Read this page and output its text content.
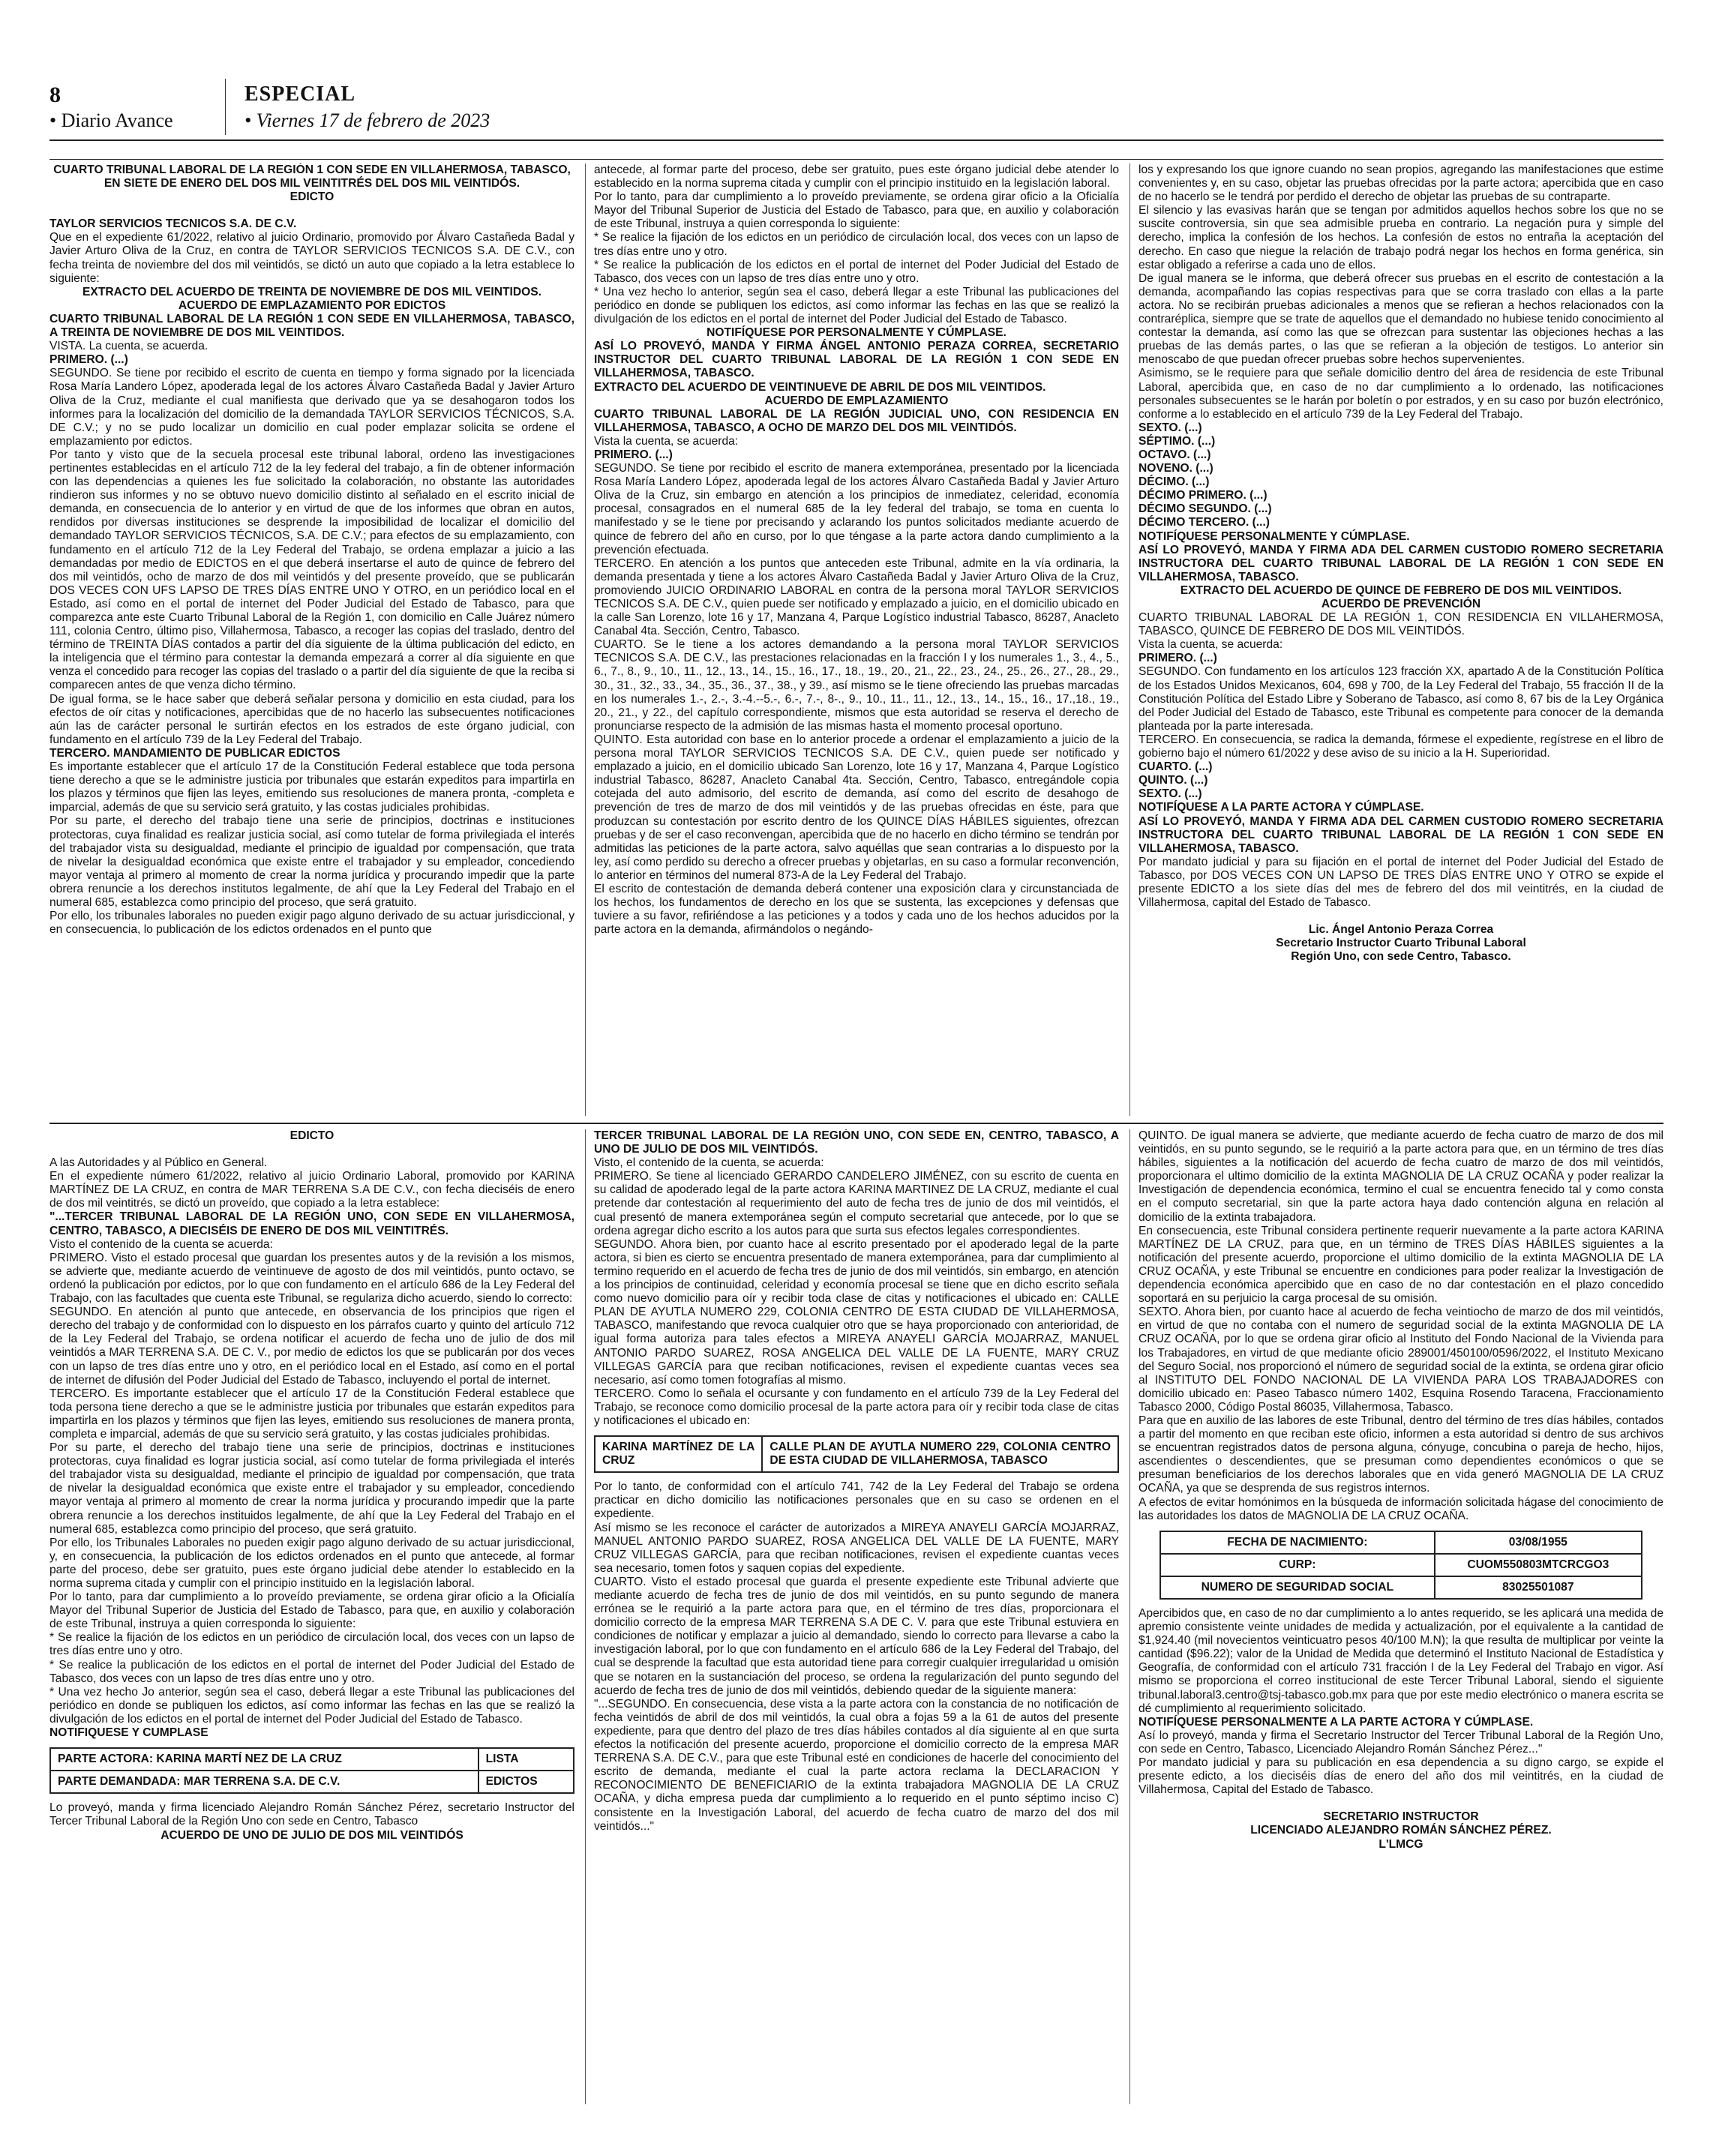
8
• Diario Avance
ESPECIAL
• Viernes 17 de febrero de 2023

CUARTO TRIBUNAL LABORAL DE LA REGIÓN 1 CON SEDE EN VILLAHERMOSA, TABASCO, EN SIETE DE ENERO DEL DOS MIL VEINTITRÉS DEL DOS MIL VEINTIDÓS.

EDICTO

TAYLOR SERVICIOS TECNICOS S.A. DE C.V.

Que en el expediente 61/2022, relativo al juicio Ordinario, promovido por Álvaro Castañeda Badal y Javier Arturo Oliva de la Cruz, en contra de TAYLOR SERVICIOS TECNICOS S.A. DE C.V., con fecha treinta de noviembre del dos mil veintidós, se dictó un auto que copiado a la letra establece lo siguiente:

EXTRACTO DEL ACUERDO DE TREINTA DE NOVIEMBRE DE DOS MIL VEINTIDOS.

ACUERDO DE EMPLAZAMIENTO POR EDICTOS

CUARTO TRIBUNAL LABORAL DE LA REGIÓN 1 CON SEDE EN VILLAHERMOSA, TABASCO, A TREINTA DE NOVIEMBRE DE DOS MIL VEINTIDOS.

VISTA. La cuenta, se acuerda.

PRIMERO. (...)

SEGUNDO. Se tiene por recibido el escrito de cuenta en tiempo y forma signado por la licenciada Rosa María Landero López, apoderada legal de los actores Álvaro Castañeda Badal y Javier Arturo Oliva de la Cruz, mediante el cual manifiesta que derivado que ya se desahogaron todos los informes para la localización del domicilio de la demandada TAYLOR SERVICIOS TÉCNICOS, S.A. DE C.V.; y no se pudo localizar un domicilio en cual poder emplazar solicita se ordene el emplazamiento por edictos.

Por tanto y visto que de la secuela procesal este tribunal laboral, ordeno las investigaciones pertinentes establecidas en el artículo 712 de la ley federal del trabajo, a fin de obtener información con las dependencias a quienes les fue solicitado la colaboración, no obstante las autoridades rindieron sus informes y no se obtuvo nuevo domicilio distinto al señalado en el escrito inicial de demanda, en consecuencia de lo anterior y en virtud de que de los informes que obran en autos, rendidos por diversas instituciones se desprende la imposibilidad de localizar el domicilio del demandado TAYLOR SERVICIOS TÉCNICOS, S.A. DE C.V.; para efectos de su emplazamiento, con fundamento en el artículo 712 de la Ley Federal del Trabajo, se ordena emplazar a juicio a las demandadas por medio de EDICTOS en el que deberá insertarse el auto de quince de febrero del dos mil veintidós, ocho de marzo de dos mil veintidós y del presente proveído, que se publicarán DOS VECES CON UFS LAPSO DE TRES DÍAS ENTRE UNO Y OTRO, en un periódico local en el Estado, así como en el portal de internet del Poder Judicial del Estado de Tabasco, para que comparezca ante este Cuarto Tribunal Laboral de la Región 1, con domicilio en Calle Juárez número 111, colonia Centro, último piso, Villahermosa, Tabasco, a recoger las copias del traslado, dentro del término de TREINTA DÍAS contados a partir del día siguiente de la última publicación del edicto, en la inteligencia que el término para contestar la demanda empezará a correr al día siguiente en que venza el concedido para recoger las copias del traslado o a partir del día siguiente de que la reciba si comparecen antes de que venza dicho término.

De igual forma, se le hace saber que deberá señalar persona y domicilio en esta ciudad, para los efectos de oír citas y notificaciones, apercibidas que de no hacerlo las subsecuentes notificaciones aún las de carácter personal le surtirán efectos en los estrados de este órgano judicial, con fundamento en el artículo 739 de la Ley Federal del Trabajo.

TERCERO. MANDAMIENTO DE PUBLICAR EDICTOS

Es importante establecer que el artículo 17 de la Constitución Federal establece que toda persona tiene derecho a que se le administre justicia por tribunales que estarán expeditos para impartirla en los plazos y términos que fijen las leyes, emitiendo sus resoluciones de manera pronta, -completa e imparcial, además de que su servicio será gratuito, y las costas judiciales prohibidas.

Por su parte, el derecho del trabajo tiene una serie de principios, doctrinas e instituciones protectoras, cuya finalidad es realizar justicia social, así como tutelar de forma privilegiada el interés del trabajador vista su desigualdad, mediante el principio de igualdad por compensación, que trata de nivelar la desigualdad económica que existe entre el trabajador y su empleador, concediendo mayor ventaja al primero al momento de crear la norma jurídica y procurando impedir que la parte obrera renuncie a los derechos institutos legalmente, de ahí que la Ley Federal del Trabajo en el numeral 685, establezca como principio del proceso, que será gratuito.

Por ello, los tribunales laborales no pueden exigir pago alguno derivado de su actuar jurisdiccional, y en consecuencia, lo publicación de los edictos ordenados en el punto que

antecede, al formar parte del proceso, debe ser gratuito, pues este órgano judicial debe atender lo establecido en la norma suprema citada y cumplir con el principio instituido en la legislación laboral.

Por lo tanto, para dar cumplimiento a lo proveído previamente, se ordena girar oficio a la Oficialía Mayor del Tribunal Superior de Justicia del Estado de Tabasco, para que, en auxilio y colaboración de este Tribunal, instruya a quien corresponda lo siguiente:

* Se realice la fijación de los edictos en un periódico de circulación local, dos veces con un lapso de tres días entre uno y otro.

* Se realice la publicación de los edictos en el portal de internet del Poder Judicial del Estado de Tabasco, dos veces con un lapso de tres días entre uno y otro.

* Una vez hecho lo anterior, según sea el caso, deberá llegar a este Tribunal las publicaciones del periódico en donde se publiquen los edictos, así como informar las fechas en las que se realizó la divulgación de los edictos en el portal de internet del Poder Judicial del Estado de Tabasco.

NOTIFÍQUESE POR PERSONALMENTE Y CÚMPLASE.

ASÍ LO PROVEYÓ, MANDA Y FIRMA ÁNGEL ANTONIO PERAZA CORREA, SECRETARIO INSTRUCTOR DEL CUARTO TRIBUNAL LABORAL DE LA REGIÓN 1 CON SEDE EN VILLAHERMOSA, TABASCO.

EXTRACTO DEL ACUERDO DE VEINTINUEVE DE ABRIL DE DOS MIL VEINTIDOS.

ACUERDO DE EMPLAZAMIENTO

CUARTO TRIBUNAL LABORAL DE LA REGIÓN JUDICIAL UNO, CON RESIDENCIA EN VILLAHERMOSA, TABASCO, A OCHO DE MARZO DEL DOS MIL VEINTIDÓS.

Vista la cuenta, se acuerda:

PRIMERO. (...)

SEGUNDO. Se tiene por recibido el escrito de manera extemporánea, presentado por la licenciada Rosa María Landero López, apoderada legal de los actores Álvaro Castañeda Badal y Javier Arturo Oliva de la Cruz, sin embargo en atención a los principios de inmediatez, celeridad, economía procesal, consagrados en el numeral 685 de la ley federal del trabajo, se toma en cuenta lo manifestado y se le tiene por precisando y aclarando los puntos solicitados mediante acuerdo de quince de febrero del año en curso, por lo que téngase a la parte actora dando cumplimiento a la prevención efectuada.

TERCERO. En atención a los puntos que anteceden este Tribunal, admite en la vía ordinaria, la demanda presentada y tiene a los actores Álvaro Castañeda Badal y Javier Arturo Oliva de la Cruz, promoviendo JUICIO ORDINARIO LABORAL en contra de la persona moral TAYLOR SERVICIOS TECNICOS S.A. DE C.V., quien puede ser notificado y emplazado a juicio, en el domicilio ubicado en la calle San Lorenzo, lote 16 y 17, Manzana 4, Parque Logístico industrial Tabasco, 86287, Anacleto Canabal 4ta. Sección, Centro, Tabasco.

CUARTO. Se le tiene a los actores demandando a la persona moral TAYLOR SERVICIOS TECNICOS S.A. DE C.V., las prestaciones relacionadas en la fracción I y los numerales 1., 3., 4., 5., 6., 7., 8., 9., 10., 11., 12., 13., 14., 15., 16., 17., 18., 19., 20., 21., 22., 23., 24., 25., 26., 27., 28., 29., 30., 31., 32., 33., 34., 35., 36., 37., 38., y 39., así mismo se le tiene ofreciendo las pruebas marcadas en los numerales 1.-, 2.-, 3.-4.--5.-, 6.-, 7.-, 8-., 9., 10., 11., 11., 12., 13., 14., 15., 16., 17.,18., 19., 20., 21., y 22., del capítulo correspondiente, mismos que esta autoridad se reserva el derecho de pronunciarse respecto de la admisión de las mismas hasta el momento procesal oportuno.

QUINTO. Esta autoridad con base en lo anterior procede a ordenar el emplazamiento a juicio de la persona moral TAYLOR SERVICIOS TECNICOS S.A. DE C.V., quien puede ser notificado y emplazado a juicio, en el domicilio ubicado San Lorenzo, lote 16 y 17, Manzana 4, Parque Logístico industrial Tabasco, 86287, Anacleto Canabal 4ta. Sección, Centro, Tabasco, entregándole copia cotejada del auto admisorio, del escrito de demanda, así como del escrito de desahogo de prevención de tres de marzo de dos mil veintidós y de las pruebas ofrecidas en éste, para que produzcan su contestación por escrito dentro de los QUINCE DÍAS HÁBILES siguientes, ofrezcan pruebas y de ser el caso reconvengan, apercibida que de no hacerlo en dicho término se tendrán por admitidas las peticiones de la parte actora, salvo aquéllas que sean contrarias a lo dispuesto por la ley, así como perdido su derecho a ofrecer pruebas y objetarlas, en su caso a formular reconvención, lo anterior en términos del numeral 873-A de la Ley Federal del Trabajo.

El escrito de contestación de demanda deberá contener una exposición clara y circunstanciada de los hechos, los fundamentos de derecho en los que se sustenta, las excepciones y defensas que tuviere a su favor, refiriéndose a las peticiones y a todos y cada uno de los hechos aducidos por la parte actora en la demanda, afirmándolos o negándo-

los y expresando los que ignore cuando no sean propios, agregando las manifestaciones que estime convenientes y, en su caso, objetar las pruebas ofrecidas por la parte actora; apercibida que en caso de no hacerlo se le tendrá por perdido el derecho de objetar las pruebas de su contraparte.

El silencio y las evasivas harán que se tengan por admitidos aquellos hechos sobre los que no se suscite controversia, sin que sea admisible prueba en contrario. La negación pura y simple del derecho, implica la confesión de los hechos. La confesión de estos no entraña la aceptación del derecho. En caso que niegue la relación de trabajo podrá negar los hechos en forma genérica, sin estar obligado a referirse a cada uno de ellos.

De igual manera se le informa, que deberá ofrecer sus pruebas en el escrito de contestación a la demanda, acompañando las copias respectivas para que se corra traslado con ellas a la parte actora. No se recibirán pruebas adicionales a menos que se refieran a hechos relacionados con la contraréplica, siempre que se trate de aquellos que el demandado no hubiese tenido conocimiento al contestar la demanda, así como las que se ofrezcan para sustentar las objeciones hechas a las pruebas de las demás partes, o las que se refieran a la objeción de testigos. Lo anterior sin menoscabo de que puedan ofrecer pruebas sobre hechos supervenientes.

Asimismo, se le requiere para que señale domicilio dentro del área de residencia de este Tribunal Laboral, apercibida que, en caso de no dar cumplimiento a lo ordenado, las notificaciones personales subsecuentes se le harán por boletín o por estrados, y en su caso por buzón electrónico, conforme a lo establecido en el artículo 739 de la Ley Federal del Trabajo.

SEXTO. (...)

SÉPTIMO. (...)

OCTAVO. (...)

NOVENO. (...)

DÉCIMO. (...)

DÉCIMO PRIMERO. (...)

DÉCIMO SEGUNDO. (...)

DÉCIMO TERCERO. (...)

NOTIFÍQUESE PERSONALMENTE Y CÚMPLASE.

ASÍ LO PROVEYÓ, MANDA Y FIRMA ADA DEL CARMEN CUSTODIO ROMERO SECRETARIA INSTRUCTORA DEL CUARTO TRIBUNAL LABORAL DE LA REGIÓN 1 CON SEDE EN VILLAHERMOSA, TABASCO.

EXTRACTO DEL ACUERDO DE QUINCE DE FEBRERO DE DOS MIL VEINTIDOS.

ACUERDO DE PREVENCIÓN

CUARTO TRIBUNAL LABORAL DE LA REGIÓN 1, CON RESIDENCIA EN VILLAHERMOSA, TABASCO, QUINCE DE FEBRERO DE DOS MIL VEINTIDÓS.

Vista la cuenta, se acuerda:

PRIMERO. (...)

SEGUNDO. Con fundamento en los artículos 123 fracción XX, apartado A de la Constitución Política de los Estados Unidos Mexicanos, 604, 698 y 700, de la Ley Federal del Trabajo, 55 fracción II de la Constitución Política del Estado Libre y Soberano de Tabasco, así como 8, 67 bis de la Ley Orgánica del Poder Judicial del Estado de Tabasco, este Tribunal es competente para conocer de la demanda planteada por la parte interesada.

TERCERO. En consecuencia, se radica la demanda, fórmese el expediente, regístrese en el libro de gobierno bajo el número 61/2022 y dese aviso de su inicio a la H. Superioridad.

CUARTO. (...)

QUINTO. (...)

SEXTO. (...)

NOTIFÍQUESE A LA PARTE ACTORA Y CÚMPLASE.

ASÍ LO PROVEYÓ, MANDA Y FIRMA ADA DEL CARMEN CUSTODIO ROMERO SECRETARIA INSTRUCTORA DEL CUARTO TRIBUNAL LABORAL DE LA REGIÓN 1 CON SEDE EN VILLAHERMOSA, TABASCO.

Por mandato judicial y para su fijación en el portal de internet del Poder Judicial del Estado de Tabasco, por DOS VECES CON UN LAPSO DE TRES DÍAS ENTRE UNO Y OTRO se expide el presente EDICTO a los siete días del mes de febrero del dos mil veintitrés, en la ciudad de Villahermosa, capital del Estado de Tabasco.

Lic. Ángel Antonio Peraza Correa

Secretario Instructor Cuarto Tribunal Laboral

Región Uno, con sede Centro, Tabasco.

EDICTO

A las Autoridades y al Público en General.

En el expediente número 61/2022, relativo al juicio Ordinario Laboral, promovido por KARINA MARTÍNEZ DE LA CRUZ, en contra de MAR TERRENA S.A DE C.V., con fecha dieciséis de enero de dos mil veintitrés, se dictó un proveído, que copiado a la letra establece:

"...TERCER TRIBUNAL LABORAL DE LA REGIÓN UNO, CON SEDE EN VILLAHERMOSA, CENTRO, TABASCO, A DIECISÉIS DE ENERO DE DOS MIL VEINTITRÉS.

Visto el contenido de la cuenta se acuerda:

PRIMERO. Visto el estado procesal que guardan los presentes autos y de la revisión a los mismos, se advierte que, mediante acuerdo de veintinueve de agosto de dos mil veintidós, punto octavo, se ordenó la publicación por edictos, por lo que con fundamento en el artículo 686 de la Ley Federal del Trabajo, con las facultades que cuenta este Tribunal, se regulariza dicho acuerdo, siendo lo correcto:

SEGUNDO. En atención al punto que antecede, en observancia de los principios que rigen el derecho del trabajo y de conformidad con lo dispuesto en los párrafos cuarto y quinto del artículo 712 de la Ley Federal del Trabajo, se ordena notificar el acuerdo de fecha uno de julio de dos mil veintidós a MAR TERRENA S.A. DE C. V., por medio de edictos los que se publicarán por dos veces con un lapso de tres días entre uno y otro, en el periódico local en el Estado, así como en el portal de internet de difusión del Poder Judicial del Estado de Tabasco, incluyendo el portal de internet.

TERCERO. Es importante establecer que el artículo 17 de la Constitución Federal establece que toda persona tiene derecho a que se le administre justicia por tribunales que estarán expeditos para impartirla en los plazos y términos que fijen las leyes, emitiendo sus resoluciones de manera pronta, completa e imparcial, además de que su servicio será gratuito, y las costas judiciales prohibidas.

Por su parte, el derecho del trabajo tiene una serie de principios, doctrinas e instituciones protectoras, cuya finalidad es lograr justicia social, así como tutelar de forma privilegiada el interés del trabajador vista su desigualdad, mediante el principio de igualdad por compensación, que trata de nivelar la desigualdad económica que existe entre el trabajador y su empleador, concediendo mayor ventaja al primero al momento de crear la norma jurídica y procurando impedir que la parte obrera renuncie a los derechos instituidos legalmente, de ahí que la Ley Federal del Trabajo en el numeral 685, establezca como principio del proceso, que será gratuito.

Por ello, los Tribunales Laborales no pueden exigir pago alguno derivado de su actuar jurisdiccional, y, en consecuencia, la publicación de los edictos ordenados en el punto que antecede, al formar parte del proceso, debe ser gratuito, pues este órgano judicial debe atender lo establecido en la norma suprema citada y cumplir con el principio instituido en la legislación laboral.

Por lo tanto, para dar cumplimiento a lo proveído previamente, se ordena girar oficio a la Oficialía Mayor del Tribunal Superior de Justicia del Estado de Tabasco, para que, en auxilio y colaboración de este Tribunal, instruya a quien corresponda lo siguiente:

* Se realice la fijación de los edictos en un periódico de circulación local, dos veces con un lapso de tres días entre uno y otro.

* Se realice la publicación de los edictos en el portal de internet del Poder Judicial del Estado de Tabasco, dos veces con un lapso de tres días entre uno y otro.

* Una vez hecho Jo anterior, según sea el caso, deberá llegar a este Tribunal las publicaciones del periódico en donde se publiquen los edictos, así como informar las fechas en las que se realizó la divulgación de los edictos en el portal de internet del Poder Judicial del Estado de Tabasco.

NOTIFIQUESE Y CUMPLASE

PARTE ACTORA: KARINA MARTÍ NEZ DE LA CRUZ	LISTA
PARTE DEMANDADA: MAR TERRENA S.A. DE C.V.	EDICTOS

Lo proveyó, manda y firma licenciado Alejandro Román Sánchez Pérez, secretario Instructor del Tercer Tribunal Laboral de la Región Uno con sede en Centro, Tabasco

ACUERDO DE UNO DE JULIO DE DOS MIL VEINTIDÓS

TERCER TRIBUNAL LABORAL DE LA REGIÓN UNO, CON SEDE EN, CENTRO, TABASCO, A UNO DE JULIO DE DOS MIL VEINTIDÓS.

Visto, el contenido de la cuenta, se acuerda:

PRIMERO. Se tiene al licenciado GERARDO CANDELERO JIMÉNEZ, con su escrito de cuenta en su calidad de apoderado legal de la parte actora KARINA MARTINEZ DE LA CRUZ, mediante el cual pretende dar contestación al requerimiento del auto de fecha tres de junio de dos mil veintidós, el cual presentó de manera extemporánea según el computo secretarial que antecede, por lo que se ordena agregar dicho escrito a los autos para que surta sus efectos legales correspondientes.

SEGUNDO. Ahora bien, por cuanto hace al escrito presentado por el apoderado legal de la parte actora, si bien es cierto se encuentra presentado de manera extemporánea, para dar cumplimiento al termino requerido en el acuerdo de fecha tres de junio de dos mil veintidós, sin embargo, en atención a los principios de continuidad, celeridad y economía procesal se tiene que en dicho escrito señala como nuevo domicilio para oír y recibir toda clase de citas y notificaciones el ubicado en: CALLE PLAN DE AYUTLA NUMERO 229, COLONIA CENTRO DE ESTA CIUDAD DE VILLAHERMOSA, TABASCO, manifestando que revoca cualquier otro que se haya proporcionado con anterioridad, de igual forma autoriza para tales efectos a MIREYA ANAYELI GARCÍA MOJARRAZ, MANUEL ANTONIO PARDO SUAREZ, ROSA ANGELICA DEL VALLE DE LA FUENTE, MARY CRUZ VILLEGAS GARCÍA para que reciban notificaciones, revisen el expediente cuantas veces sea necesario, así como tomen fotografías al mismo.

TERCERO. Como lo señala el ocursante y con fundamento en el artículo 739 de la Ley Federal del Trabajo, se reconoce como domicilio procesal de la parte actora para oír y recibir toda clase de citas y notificaciones el ubicado en:

KARINA MARTÍNEZ DE LA CRUZ	CALLE PLAN DE AYUTLA NUMERO 229, COLONIA CENTRO DE ESTA CIUDAD DE VILLAHERMOSA, TABASCO

Por lo tanto, de conformidad con el artículo 741, 742 de la Ley Federal del Trabajo se ordena practicar en dicho domicilio las notificaciones personales que en su caso se ordenen en el expediente.

Así mismo se les reconoce el carácter de autorizados a MIREYA ANAYELI GARCÍA MOJARRAZ, MANUEL ANTONIO PARDO SUAREZ, ROSA ANGELICA DEL VALLE DE LA FUENTE, MARY CRUZ VILLEGAS GARCÍA, para que reciban notificaciones, revisen el expediente cuantas veces sea necesario, tomen fotos y saquen copias del expediente.

CUARTO. Visto el estado procesal que guarda el presente expediente este Tribunal advierte que mediante acuerdo de fecha tres de junio de dos mil veintidós, en su punto segundo de manera errónea se le requirió a la parte actora para que, en el término de tres días, proporcionara el domicilio correcto de la empresa MAR TERRENA S.A DE C. V. para que este Tribunal estuviera en condiciones de notificar y emplazar a juicio al demandado, siendo lo correcto para llevarse a cabo la investigación laboral, por lo que con fundamento en el artículo 686 de la Ley Federal del Trabajo, del cual se desprende la facultad que esta autoridad tiene para corregir cualquier irregularidad u omisión que se notaren en la sustanciación del proceso, se ordena la regularización del punto segundo del acuerdo de fecha tres de junio de dos mil veintidós, debiendo quedar de la siguiente manera:

"...SEGUNDO. En consecuencia, dese vista a la parte actora con la constancia de no notificación de fecha veintidós de abril de dos mil veintidós, la cual obra a fojas 59 a la 61 de autos del presente expediente, para que dentro del plazo de tres días hábiles contados al día siguiente al en que surta efectos la notificación del presente acuerdo, proporcione el domicilio correcto de la empresa MAR TERRENA S.A. DE C.V., para que este Tribunal esté en condiciones de hacerle del conocimiento del escrito de demanda, mediante el cual la parte actora reclama la DECLARACION Y RECONOCIMIENTO DE BENEFICIARIO de la extinta trabajadora MAGNOLIA DE LA CRUZ OCAÑA, y dicha empresa pueda dar cumplimiento a lo requerido en el punto séptimo inciso C) consistente en la Investigación Laboral, del acuerdo de fecha cuatro de marzo del dos mil veintidós..."

QUINTO. De igual manera se advierte, que mediante acuerdo de fecha cuatro de marzo de dos mil veintidós, en su punto segundo, se le requirió a la parte actora para que, en un término de tres días hábiles, siguientes a la notificación del acuerdo de fecha cuatro de marzo de dos mil veintidós, proporcionara el ultimo domicilio de la extinta MAGNOLIA DE LA CRUZ OCAÑA y poder realizar la Investigación de dependencia económica, termino el cual se encuentra fenecido tal y como consta en el computo secretarial, sin que la parte actora haya dado contención alguna en relación al domicilio de la extinta trabajadora.

En consecuencia, este Tribunal considera pertinente requerir nuevamente a la parte actora KARINA MARTÍNEZ DE LA CRUZ, para que, en un término de TRES DÍAS HÁBILES siguientes a la notificación del presente acuerdo, proporcione el ultimo domicilio de la extinta MAGNOLIA DE LA CRUZ OCAÑA, y este Tribunal se encuentre en condiciones para poder realizar la Investigación de dependencia económica apercibido que en caso de no dar contestación en el plazo concedido soportará en su perjuicio la carga procesal de su omisión.

SEXTO. Ahora bien, por cuanto hace al acuerdo de fecha veintiocho de marzo de dos mil veintidós, en virtud de que no contaba con el numero de seguridad social de la extinta MAGNOLIA DE LA CRUZ OCAÑA, por lo que se ordena girar oficio al Instituto del Fondo Nacional de la Vivienda para los Trabajadores, en virtud de que mediante oficio 289001/450100/0596/2022, el Instituto Mexicano del Seguro Social, nos proporcionó el número de seguridad social de la extinta, se ordena girar oficio al INSTITUTO DEL FONDO NACIONAL DE LA VIVIENDA PARA LOS TRABAJADORES con domicilio ubicado en: Paseo Tabasco número 1402, Esquina Rosendo Taracena, Fraccionamiento Tabasco 2000, Código Postal 86035, Villahermosa, Tabasco.

Para que en auxilio de las labores de este Tribunal, dentro del término de tres días hábiles, contados a partir del momento en que reciban este oficio, informen a esta autoridad si dentro de sus archivos se encuentran registrados datos de persona alguna, cónyuge, concubina o pareja de hecho, hijos, ascendientes o descendientes, que se presuman como dependientes económicos o que se presuman beneficiarios de los derechos laborales que en vida generó MAGNOLIA DE LA CRUZ OCAÑA, ya que se desprenda de sus registros internos.

A efectos de evitar homónimos en la búsqueda de información solicitada hágase del conocimiento de las autoridades los datos de MAGNOLIA DE LA CRUZ OCAÑA.

FECHA DE NACIMIENTO:	03/08/1955
CURP:	CUOM550803MTCRCGO3
NUMERO DE SEGURIDAD SOCIAL	83025501087

Apercibidos que, en caso de no dar cumplimiento a lo antes requerido, se les aplicará una medida de apremio consistente veinte unidades de medida y actualización, por el equivalente a la cantidad de $1,924.40 (mil novecientos veinticuatro pesos 40/100 M.N); la que resulta de multiplicar por veinte la cantidad ($96.22); valor de la Unidad de Medida que determinó el Instituto Nacional de Estadística y Geografía, de conformidad con el artículo 731 fracción I de la Ley Federal del Trabajo en vigor. Así mismo se proporciona el correo institucional de este Tercer Tribunal Laboral, siendo el siguiente tribunal.laboral3.centro@tsj-tabasco.gob.mx para que por este medio electrónico o manera escrita se dé cumplimiento al requerimiento solicitado.

NOTIFÍQUESE PERSONALMENTE A LA PARTE ACTORA Y CÚMPLASE.

Así lo proveyó, manda y firma el Secretario Instructor del Tercer Tribunal Laboral de la Región Uno, con sede en Centro, Tabasco, Licenciado Alejandro Román Sánchez Pérez..."

Por mandato judicial y para su publicación en esa dependencia a su digno cargo, se expide el presente edicto, a los dieciséis días de enero del año dos mil veintitrés, en la ciudad de Villahermosa, Capital del Estado de Tabasco.

SECRETARIO INSTRUCTOR

LICENCIADO ALEJANDRO ROMÁN SÁNCHEZ PÉREZ.

L'LMCG
